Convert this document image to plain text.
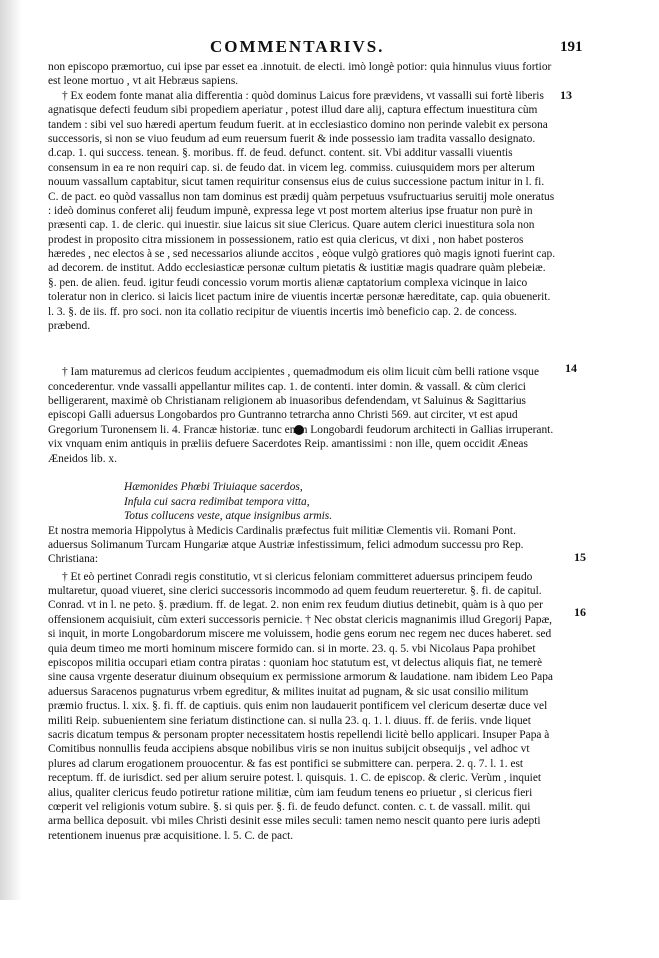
COMMENTARIVS.	191
13
14
15
16
non episcopo præmortuo, cui ipse par esset ea .innotuit. de electi. imò longè potior: quia hinnulus viuus fortior
est leone mortuo , vt ait Hebræus sapiens.
† Ex eodem fonte manat alia differentia : quòd dominus Laicus fore prævidens, vt vassalli sui fortè liberis
agnatisque defecti feudum sibi propediem aperiatur , potest illud dare alij, captura effectum inuestitura cùm
tandem : sibi vel suo hæredi apertum feudum fuerit. at in ecclesiastico domino non perinde valebit ex persona
successoris, si non se viuo feudum ad eum reuersum fuerit & inde possessio iam tradita vassallo designato.
d.cap. 1. qui success. tenean. §. moribus. ff. de feud. defunct. content. sit. Vbi additur vassalli viuentis
consensum in ea re non requiri cap. si. de feudo dat. in vicem leg. commiss. cuiusquidem mors per alterum
nouum vassallum captabitur, sicut tamen requiritur consensus eius de cuius successione pactum initur in l. fi.
C. de pact. eo quòd vassallus non tam dominus est prædij quàm perpetuus vsufructuarius seruitij mole oneratus
: ideò dominus conferet alij feudum impunè, expressa lege vt post mortem alterius ipse fruatur non purè in
præsenti cap. 1. de cleric. qui inuestir. siue laicus sit siue Clericus. Quare autem clerici inuestitura sola non
prodest in proposito citra missionem in possessionem, ratio est quia clericus, vt dixi , non habet posteros
hæredes , nec electos à se , sed necessarios aliunde accitos , eòque vulgò gratiores quò magis ignoti fuerint cap.
ad decorem. de institut. Addo ecclesiasticæ personæ cultum pietatis & iustitiæ magis quadrare quàm plebeiæ.
§. pen. de alien. feud. igitur feudi concessio vorum mortis alienæ captatorium complexa vicinque in laico
toleratur non in clerico. si laicis licet pactum inire de viuentis incertæ personæ hæreditate, cap. quia obuenerit.
l. 3. §. de iis. ff. pro soci. non ita collatio recipitur de viuentis incertis imò beneficio cap. 2. de concess.
præbend.
† Iam maturemus ad clericos feudum accipientes , quemadmodum eis olim licuit cùm belli ratione vsque
concederentur. vnde vassalli appellantur milites cap. 1. de contenti. inter domin. & vassall. & cùm clerici
belligerarent, maximè ob Christianam religionem ab inuasoribus defendendam, vt Saluinus & Sagittarius
episcopi Galli aduersus Longobardos pro Guntranno tetrarcha anno Christi 569. aut circiter, vt est apud
Gregorium Turonensem li. 4. Francæ historiæ. tunc enim Longobardi feudorum architecti in Gallias irruperant.
vix vnquam enim antiquis in præliis defuere Sacerdotes Reip. amantissimi : non ille, quem occidit Æneas
Æneidos lib. x.
Hæmonides Phœbi Triuiaque sacerdos,
Infula cui sacra redimibat tempora vitta,
Totus collucens veste, atque insignibus armis.
Et nostra memoria Hippolytus à Medicis Cardinalis præfectus fuit militiæ Clementis vii. Romani Pont.
aduersus Solimanum Turcam Hungariæ atque Austriæ infestissimum, felici admodum successu pro Rep.
Christiana:
† Et eò pertinet Conradi regis constitutio, vt si clericus feloniam committeret aduersus principem feudo
multaretur, quoad viueret, sine clerici successoris incommodo ad quem feudum reuerteretur. §. fi. de capitul.
Conrad. vt in l. ne peto. §. prædium. ff. de legat. 2. non enim rex feudum diutius detinebit, quàm is à quo per
offensionem acquisiuit, cùm exteri successoris pernicie. † Nec obstat clericis magnanimis illud Gregorij Papæ,
si inquit, in morte Longobardorum miscere me voluissem, hodie gens eorum nec regem nec duces haberet. sed
quia deum timeo me morti hominum miscere formido can. si in morte. 23. q. 5. vbi Nicolaus Papa prohibet
episcopos militia occupari etiam contra piratas : quoniam hoc statutum est, vt delectus aliquis fiat, ne temerè
sine causa vrgente deseratur diuinum obsequium ex permissione armorum & laudatione. nam ibidem Leo Papa
aduersus Saracenos pugnaturus vrbem egreditur, & milites inuitat ad pugnam, & sic usat consilio militum
præmio fructus. l. xix. §. fi. ff. de captiuis. quis enim non laudauerit pontificem vel clericum desertæ duce vel
militi Reip. subuenientem sine feriatum distinctione can. si nulla 23. q. 1. l. diuus. ff. de feriis. vnde liquet
sacris dicatum tempus & personam propter necessitatem hostis repellendi licitè bello applicari. Insuper Papa à
Comitibus nonnullis feuda accipiens absque nobilibus viris se non inuitus subijcit obsequijs , vel adhoc vt
plures ad clarum erogationem prouocentur. & fas est pontifici se submittere can. perpera. 2. q. 7. l. 1. est
receptum. ff. de iurisdict. sed per alium seruire potest. l. quisquis. 1. C. de episcop. & cleric. Verùm , inquiet
alius, qualiter clericus feudo potiretur ratione militiæ, cùm iam feudum tenens eo priuetur , si clericus fieri
cœperit vel religionis votum subire. §. si quis per. §. fi. de feudo defunct. conten. c. t. de vassall. milit. qui
arma bellica deposuit. vbi miles Christi desinit esse miles seculi: tamen nemo nescit quanto pere iuris adepti
retentionem inuenus præ acquisitione. l. 5. C. de pact.
